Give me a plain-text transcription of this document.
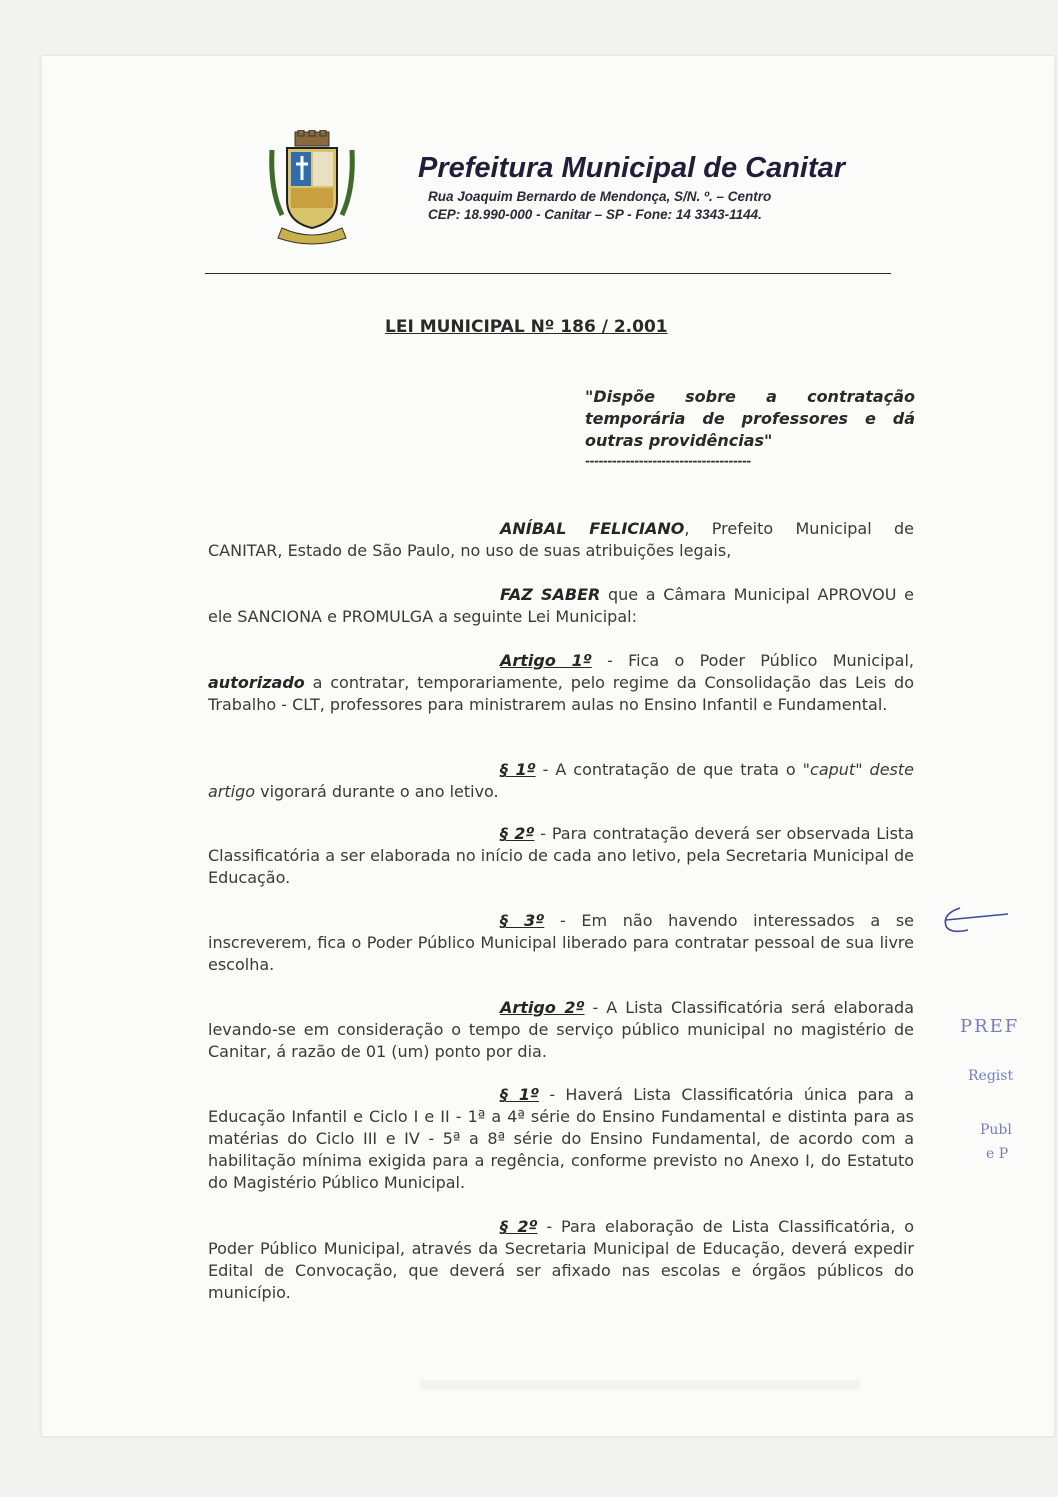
Prefeitura Municipal de Canitar
Rua Joaquim Bernardo de Mendonça, S/N. º. – Centro
CEP: 18.990-000 - Canitar – SP - Fone: 14 3343-1144.
LEI MUNICIPAL Nº 186 / 2.001
"Dispõe sobre a contratação temporária de professores e dá outras providências"
-------------------------------------
ANÍBAL FELICIANO, Prefeito Municipal de CANITAR, Estado de São Paulo, no uso de suas atribuições legais,
FAZ SABER que a Câmara Municipal APROVOU e ele SANCIONA e PROMULGA a seguinte Lei Municipal:
Artigo 1º - Fica o Poder Público Municipal, autorizado a contratar, temporariamente, pelo regime da Consolidação das Leis do Trabalho - CLT, professores para ministrarem aulas no Ensino Infantil e Fundamental.
§ 1º - A contratação de que trata o "caput" deste artigo vigorará durante o ano letivo.
§ 2º - Para contratação deverá ser observada Lista Classificatória a ser elaborada no início de cada ano letivo, pela Secretaria Municipal de Educação.
§ 3º - Em não havendo interessados a se inscreverem, fica o Poder Público Municipal liberado para contratar pessoal de sua livre escolha.
Artigo 2º - A Lista Classificatória será elaborada levando-se em consideração o tempo de serviço público municipal no magistério de Canitar, á razão de 01 (um) ponto por dia.
§ 1º - Haverá Lista Classificatória única para a Educação Infantil e Ciclo I e II - 1ª a 4ª série do Ensino Fundamental e distinta para as matérias do Ciclo III e IV - 5ª a 8ª série do Ensino Fundamental, de acordo com a habilitação mínima exigida para a regência, conforme previsto no Anexo I, do Estatuto do Magistério Público Municipal.
§ 2º - Para elaboração de Lista Classificatória, o Poder Público Municipal, através da Secretaria Municipal de Educação, deverá expedir Edital de Convocação, que deverá ser afixado nas escolas e órgãos públicos do município.
PREF
Regist
Publ
e P
